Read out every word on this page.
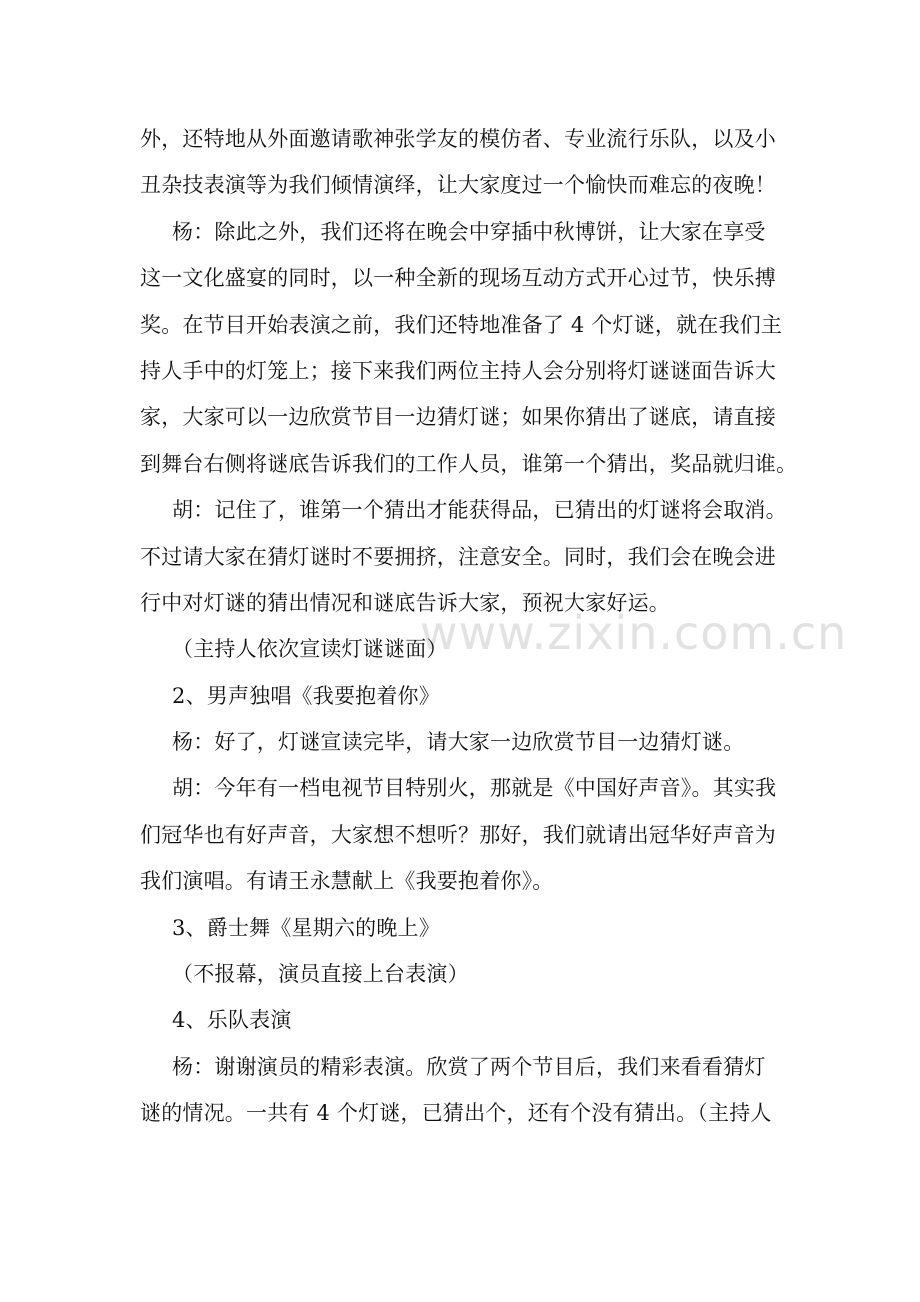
www.zixin.com.cn
外，还特地从外面邀请歌神张学友的模仿者、专业流行乐队，以及小
丑杂技表演等为我们倾情演绎，让大家度过一个愉快而难忘的夜晚！
杨：除此之外，我们还将在晚会中穿插中秋博饼，让大家在享受
这一文化盛宴的同时，以一种全新的现场互动方式开心过节，快乐搏
奖。在节目开始表演之前，我们还特地准备了 4 个灯谜，就在我们主
持人手中的灯笼上；接下来我们两位主持人会分别将灯谜谜面告诉大
家，大家可以一边欣赏节目一边猜灯谜；如果你猜出了谜底，请直接
到舞台右侧将谜底告诉我们的工作人员，谁第一个猜出，奖品就归谁。
胡：记住了，谁第一个猜出才能获得品，已猜出的灯谜将会取消。
不过请大家在猜灯谜时不要拥挤，注意安全。同时，我们会在晚会进
行中对灯谜的猜出情况和谜底告诉大家，预祝大家好运。
（主持人依次宣读灯谜谜面）
2、男声独唱《我要抱着你》
杨：好了，灯谜宣读完毕，请大家一边欣赏节目一边猜灯谜。
胡：今年有一档电视节目特别火，那就是《中国好声音》。其实我
们冠华也有好声音，大家想不想听？那好，我们就请出冠华好声音为
我们演唱。有请王永慧献上《我要抱着你》。
3、爵士舞《星期六的晚上》
（不报幕，演员直接上台表演）
4、乐队表演
杨：谢谢演员的精彩表演。欣赏了两个节目后，我们来看看猜灯
谜的情况。一共有 4 个灯谜，已猜出个，还有个没有猜出。（主持人
